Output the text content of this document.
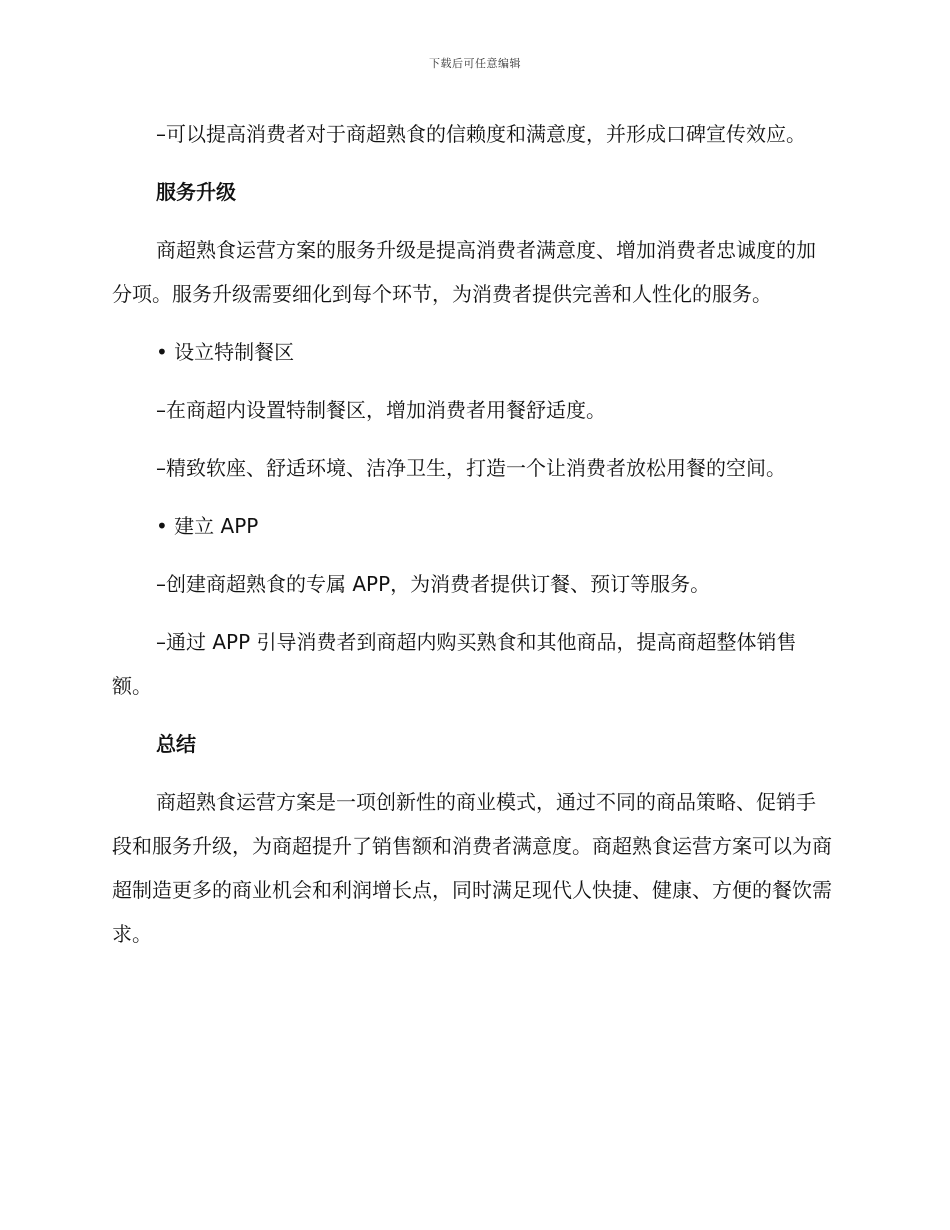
下载后可任意编辑

–可以提高消费者对于商超熟食的信赖度和满意度，并形成口碑宣传效应。

服务升级

商超熟食运营方案的服务升级是提高消费者满意度、增加消费者忠诚度的加分项。服务升级需要细化到每个环节，为消费者提供完善和人性化的服务。

• 设立特制餐区

–在商超内设置特制餐区，增加消费者用餐舒适度。

–精致软座、舒适环境、洁净卫生，打造一个让消费者放松用餐的空间。

• 建立 APP

–创建商超熟食的专属 APP，为消费者提供订餐、预订等服务。

–通过 APP 引导消费者到商超内购买熟食和其他商品，提高商超整体销售额。

总结

商超熟食运营方案是一项创新性的商业模式，通过不同的商品策略、促销手段和服务升级，为商超提升了销售额和消费者满意度。商超熟食运营方案可以为商超制造更多的商业机会和利润增长点，同时满足现代人快捷、健康、方便的餐饮需求。
